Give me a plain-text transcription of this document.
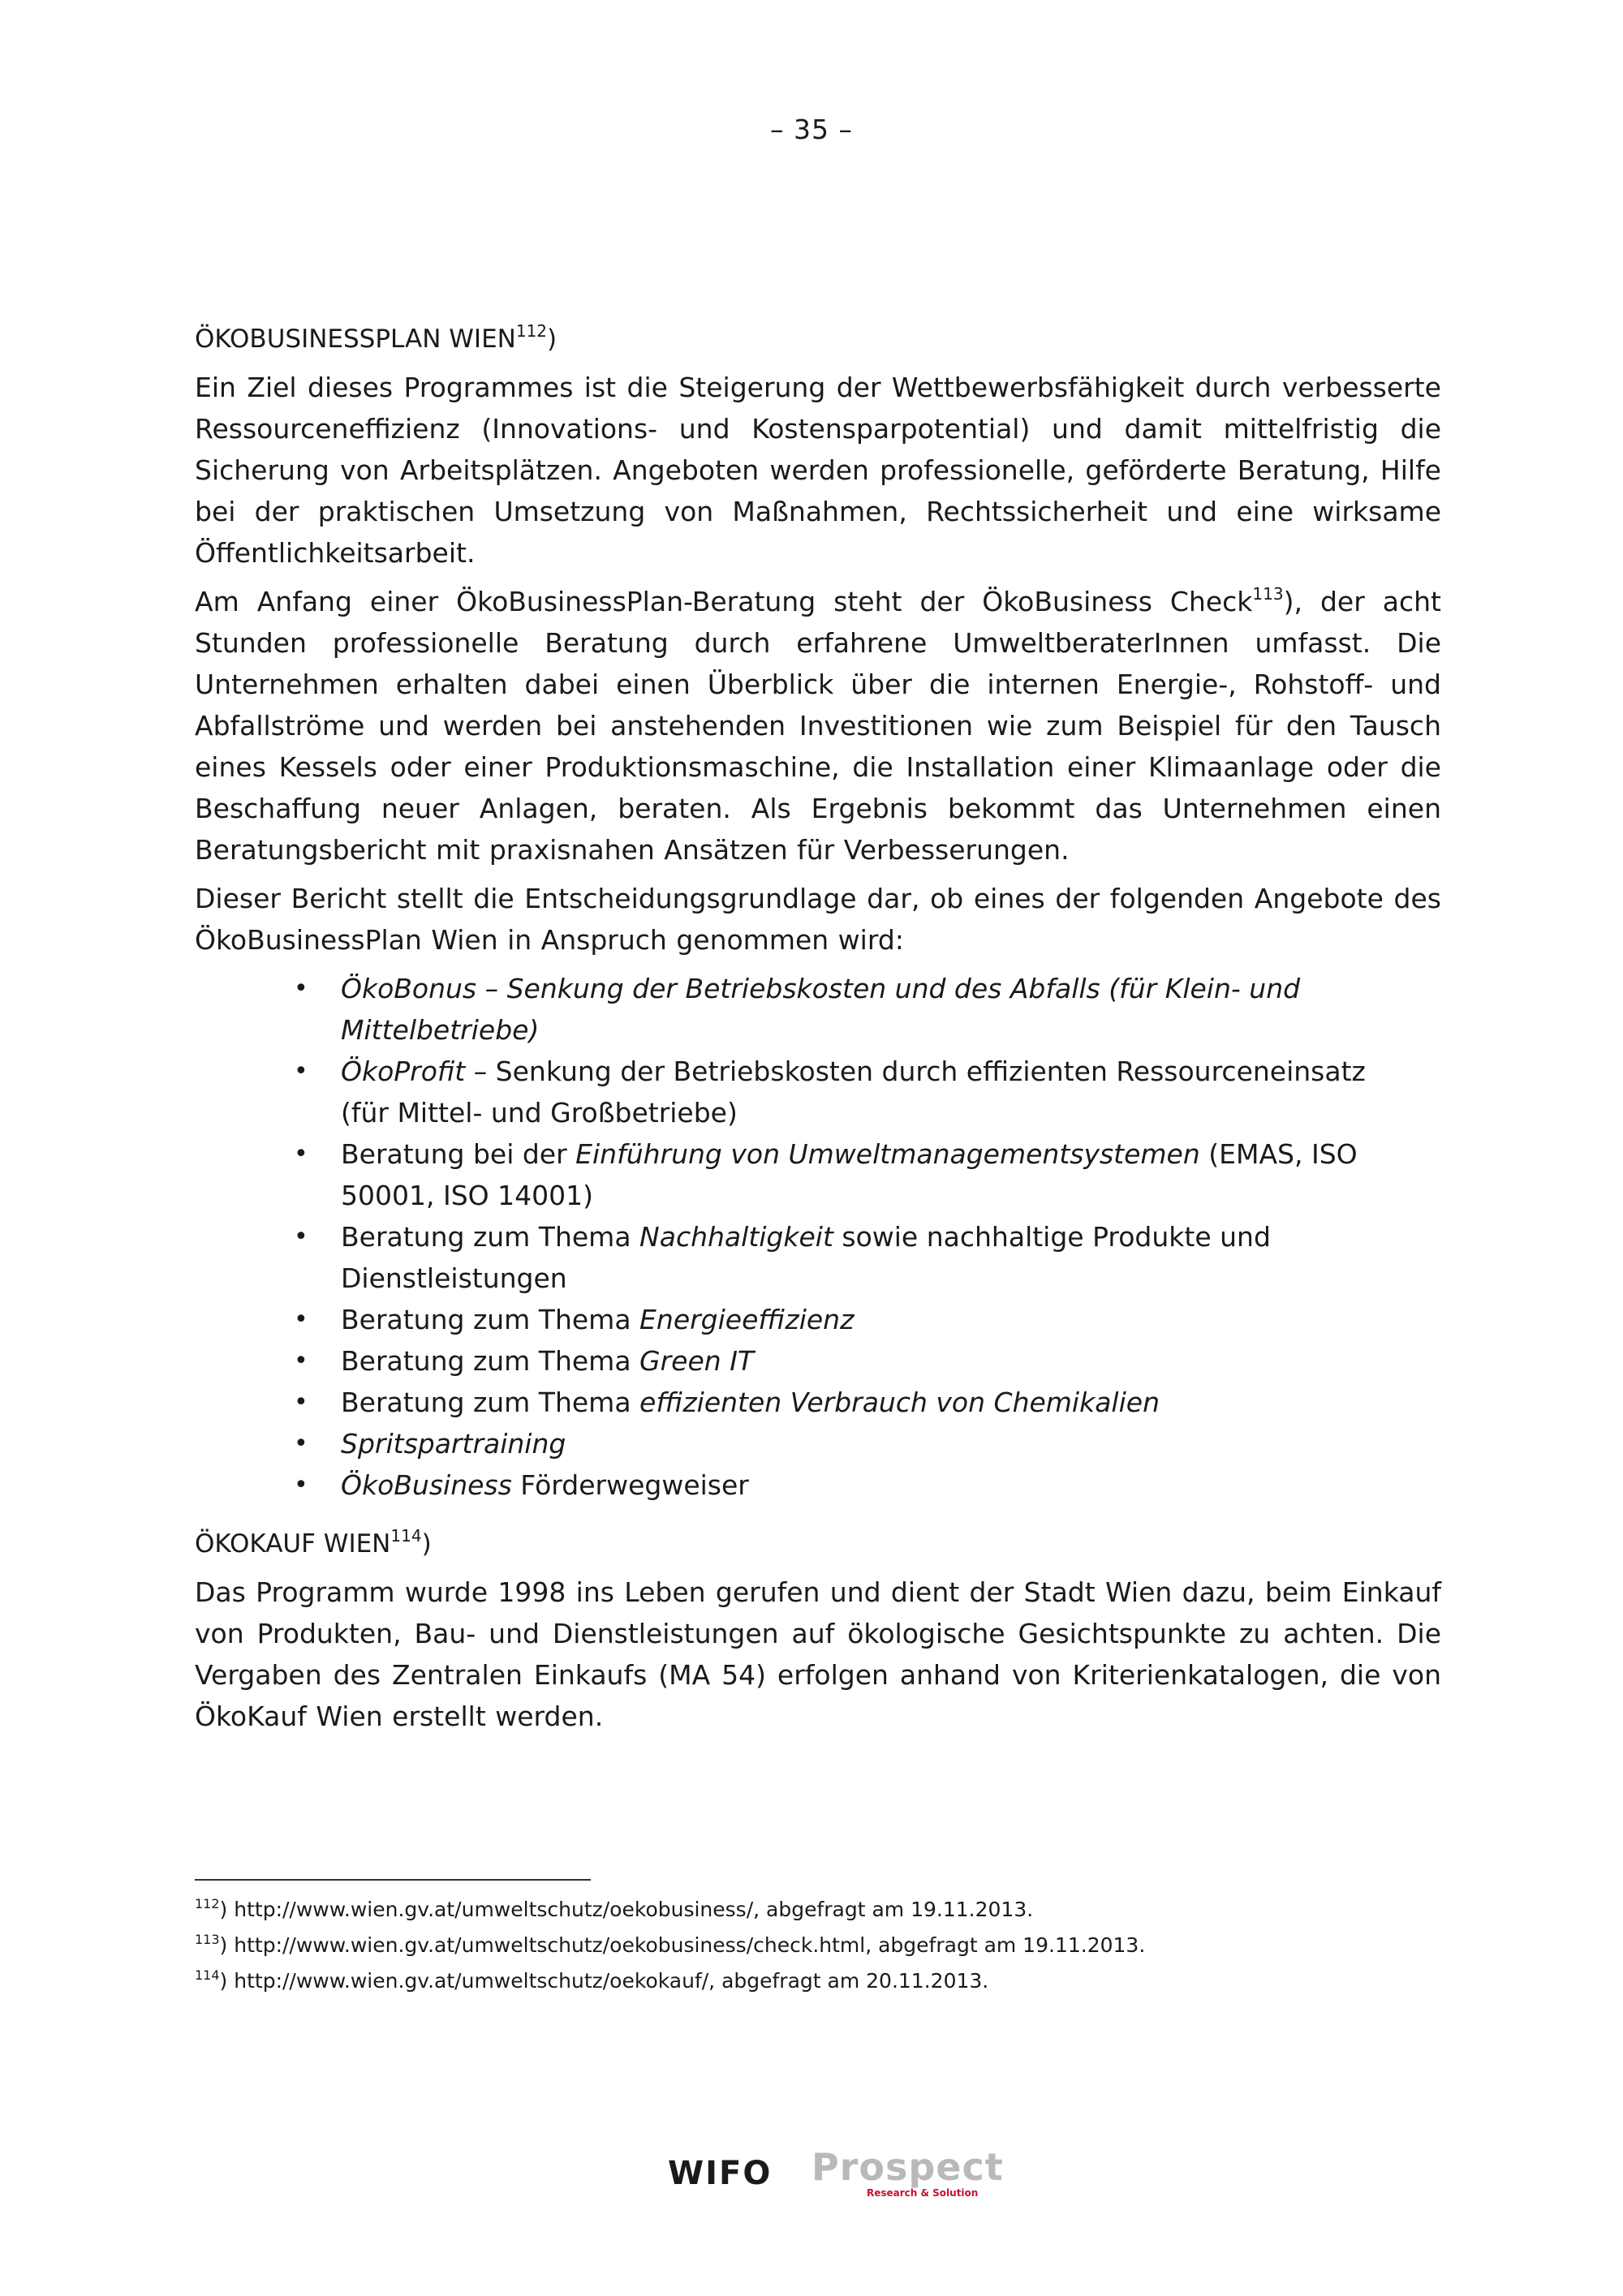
– 35 –
ÖKOBUSINESSPLAN WIEN$^{112}$)

Ein Ziel dieses Programmes ist die Steigerung der Wettbewerbsfähigkeit durch verbesserte Ressourceneffizienz (Innovations- und Kostensparpotential) und damit mittelfristig die Sicherung von Arbeitsplätzen. Angeboten werden professionelle, geförderte Beratung, Hilfe bei der praktischen Umsetzung von Maßnahmen, Rechtssicherheit und eine wirksame Öffentlichkeitsarbeit.

Am Anfang einer ÖkoBusinessPlan-Beratung steht der ÖkoBusiness Check$^{113}$), der acht Stunden professionelle Beratung durch erfahrene UmweltberaterInnen umfasst. Die Unternehmen erhalten dabei einen Überblick über die internen Energie-, Rohstoff- und Abfallströme und werden bei anstehenden Investitionen wie zum Beispiel für den Tausch eines Kessels oder einer Produktionsmaschine, die Installation einer Klimaanlage oder die Beschaffung neuer Anlagen, beraten. Als Ergebnis bekommt das Unternehmen einen Beratungsbericht mit praxisnahen Ansätzen für Verbesserungen.

Dieser Bericht stellt die Entscheidungsgrundlage dar, ob eines der folgenden Angebote des ÖkoBusinessPlan Wien in Anspruch genommen wird:

• ÖkoBonus – Senkung der Betriebskosten und des Abfalls (für Klein- und Mittelbetriebe)
• ÖkoProfit – Senkung der Betriebskosten durch effizienten Ressourceneinsatz (für Mittel- und Großbetriebe)
• Beratung bei der Einführung von Umweltmanagementsystemen (EMAS, ISO 50001, ISO 14001)
• Beratung zum Thema Nachhaltigkeit sowie nachhaltige Produkte und Dienstleistungen
• Beratung zum Thema Energieeffizienz
• Beratung zum Thema Green IT
• Beratung zum Thema effizienten Verbrauch von Chemikalien
• Spritspartraining
• ÖkoBusiness Förderwegweiser
ÖKOKAUF WIEN$^{114}$)

Das Programm wurde 1998 ins Leben gerufen und dient der Stadt Wien dazu, beim Einkauf von Produkten, Bau- und Dienstleistungen auf ökologische Gesichtspunkte zu achten. Die Vergaben des Zentralen Einkaufs (MA 54) erfolgen anhand von Kriterienkatalogen, die von ÖkoKauf Wien erstellt werden.

$^{112}$) http://www.wien.gv.at/umweltschutz/oekobusiness/, abgefragt am 19.11.2013.
$^{113}$) http://www.wien.gv.at/umweltschutz/oekobusiness/check.html, abgefragt am 19.11.2013.
$^{114}$) http://www.wien.gv.at/umweltschutz/oekokauf/, abgefragt am 20.11.2013.
WIFO Prospect
Research & Solution
